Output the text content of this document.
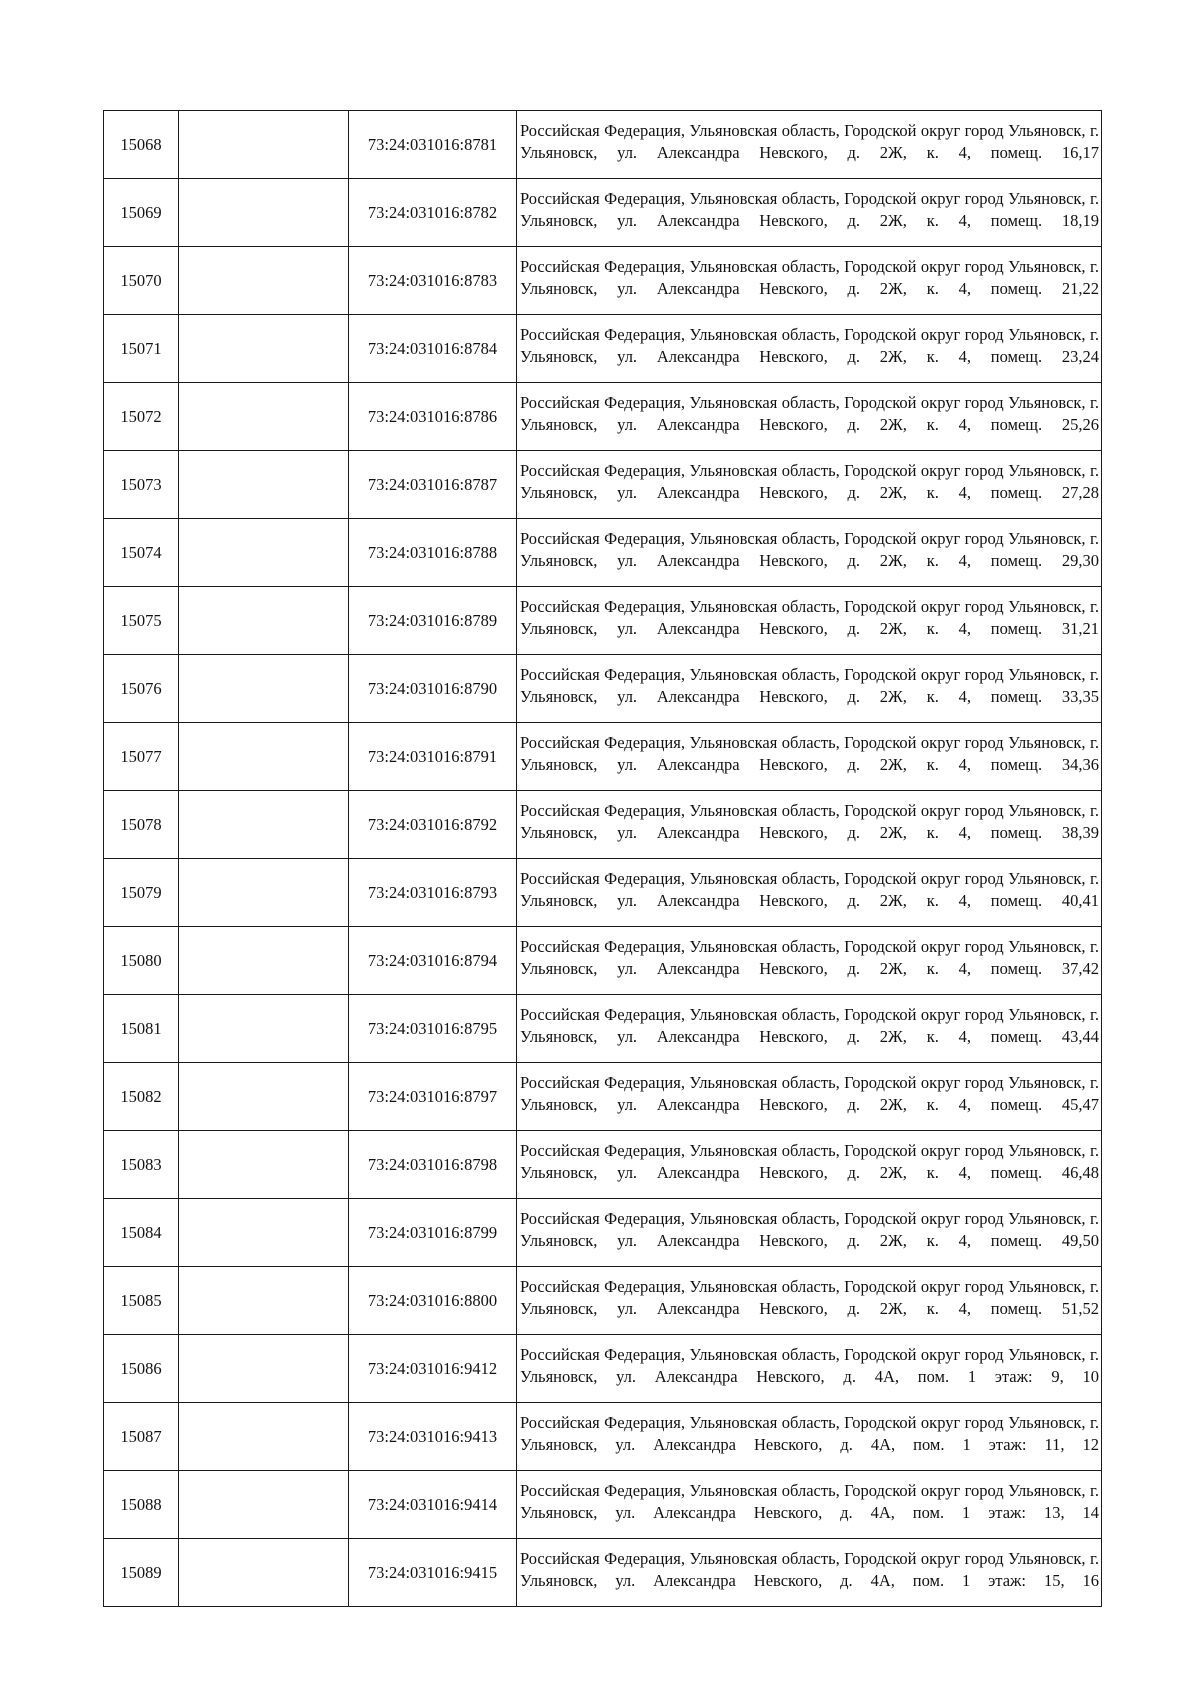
15068		73:24:031016:8781	Российская Федерация, Ульяновская область, Городской округ город Ульяновск, г. Ульяновск, ул. Александра Невского, д. 2Ж, к. 4, помещ. 16,17

15069		73:24:031016:8782	Российская Федерация, Ульяновская область, Городской округ город Ульяновск, г. Ульяновск, ул. Александра Невского, д. 2Ж, к. 4, помещ. 18,19

15070		73:24:031016:8783	Российская Федерация, Ульяновская область, Городской округ город Ульяновск, г. Ульяновск, ул. Александра Невского, д. 2Ж, к. 4, помещ. 21,22

15071		73:24:031016:8784	Российская Федерация, Ульяновская область, Городской округ город Ульяновск, г. Ульяновск, ул. Александра Невского, д. 2Ж, к. 4, помещ. 23,24

15072		73:24:031016:8786	Российская Федерация, Ульяновская область, Городской округ город Ульяновск, г. Ульяновск, ул. Александра Невского, д. 2Ж, к. 4, помещ. 25,26

15073		73:24:031016:8787	Российская Федерация, Ульяновская область, Городской округ город Ульяновск, г. Ульяновск, ул. Александра Невского, д. 2Ж, к. 4, помещ. 27,28

15074		73:24:031016:8788	Российская Федерация, Ульяновская область, Городской округ город Ульяновск, г. Ульяновск, ул. Александра Невского, д. 2Ж, к. 4, помещ. 29,30

15075		73:24:031016:8789	Российская Федерация, Ульяновская область, Городской округ город Ульяновск, г. Ульяновск, ул. Александра Невского, д. 2Ж, к. 4, помещ. 31,21

15076		73:24:031016:8790	Российская Федерация, Ульяновская область, Городской округ город Ульяновск, г. Ульяновск, ул. Александра Невского, д. 2Ж, к. 4, помещ. 33,35

15077		73:24:031016:8791	Российская Федерация, Ульяновская область, Городской округ город Ульяновск, г. Ульяновск, ул. Александра Невского, д. 2Ж, к. 4, помещ. 34,36

15078		73:24:031016:8792	Российская Федерация, Ульяновская область, Городской округ город Ульяновск, г. Ульяновск, ул. Александра Невского, д. 2Ж, к. 4, помещ. 38,39

15079		73:24:031016:8793	Российская Федерация, Ульяновская область, Городской округ город Ульяновск, г. Ульяновск, ул. Александра Невского, д. 2Ж, к. 4, помещ. 40,41

15080		73:24:031016:8794	Российская Федерация, Ульяновская область, Городской округ город Ульяновск, г. Ульяновск, ул. Александра Невского, д. 2Ж, к. 4, помещ. 37,42

15081		73:24:031016:8795	Российская Федерация, Ульяновская область, Городской округ город Ульяновск, г. Ульяновск, ул. Александра Невского, д. 2Ж, к. 4, помещ. 43,44

15082		73:24:031016:8797	Российская Федерация, Ульяновская область, Городской округ город Ульяновск, г. Ульяновск, ул. Александра Невского, д. 2Ж, к. 4, помещ. 45,47

15083		73:24:031016:8798	Российская Федерация, Ульяновская область, Городской округ город Ульяновск, г. Ульяновск, ул. Александра Невского, д. 2Ж, к. 4, помещ. 46,48

15084		73:24:031016:8799	Российская Федерация, Ульяновская область, Городской округ город Ульяновск, г. Ульяновск, ул. Александра Невского, д. 2Ж, к. 4, помещ. 49,50

15085		73:24:031016:8800	Российская Федерация, Ульяновская область, Городской округ город Ульяновск, г. Ульяновск, ул. Александра Невского, д. 2Ж, к. 4, помещ. 51,52

15086		73:24:031016:9412	Российская Федерация, Ульяновская область, Городской округ город Ульяновск, г. Ульяновск, ул. Александра Невского, д. 4А, пом. 1 этаж: 9, 10

15087		73:24:031016:9413	Российская Федерация, Ульяновская область, Городской округ город Ульяновск, г. Ульяновск, ул. Александра Невского, д. 4А, пом. 1 этаж: 11, 12

15088		73:24:031016:9414	Российская Федерация, Ульяновская область, Городской округ город Ульяновск, г. Ульяновск, ул. Александра Невского, д. 4А, пом. 1 этаж: 13, 14

15089		73:24:031016:9415	Российская Федерация, Ульяновская область, Городской округ город Ульяновск, г. Ульяновск, ул. Александра Невского, д. 4А, пом. 1 этаж: 15, 16
